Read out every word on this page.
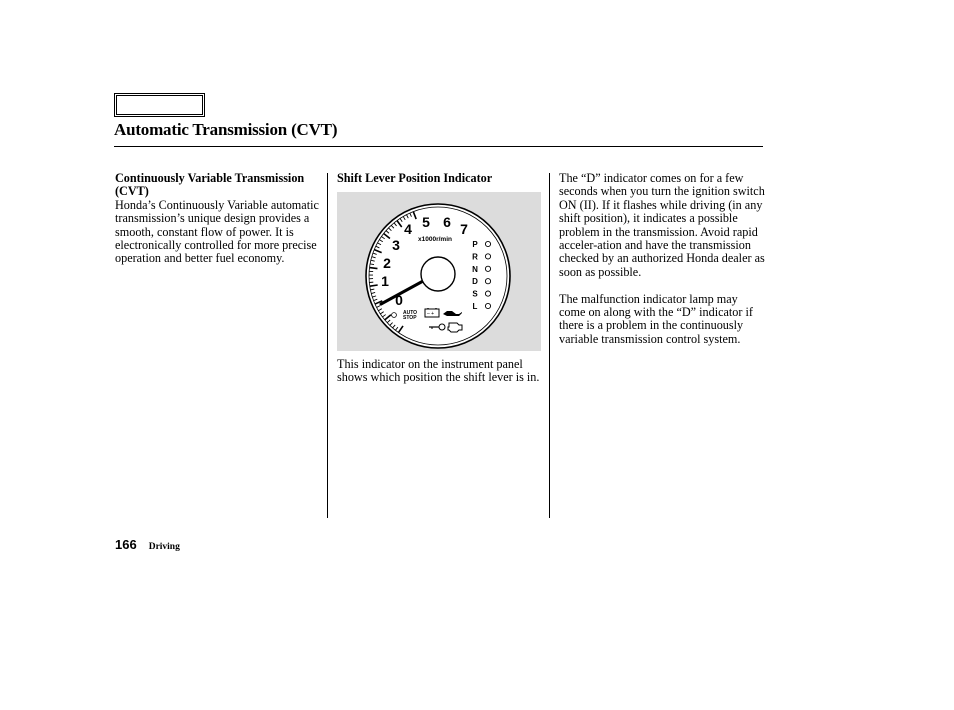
Automatic Transmission (CVT)

Continuously Variable Transmission (CVT)

Honda’s Continuously Variable automatic transmission’s unique design provides a smooth, constant flow of power. It is electronically controlled for more precise operation and better fuel economy.

Shift Lever Position Indicator

This indicator on the instrument panel shows which position the shift lever is in.

0
1
2
3
4 5 6 7
x1000r/min
P
R
N
D
S
L
AUTO
STOP
– +

The “D” indicator comes on for a few seconds when you turn the ignition switch ON (II). If it flashes while driving (in any shift position), it indicates a possible problem in the transmission. Avoid rapid acceler-ation and have the transmission checked by an authorized Honda dealer as soon as possible.

The malfunction indicator lamp may come on along with the “D” indicator if there is a problem in the continuously variable transmission control system.

166 Driving
